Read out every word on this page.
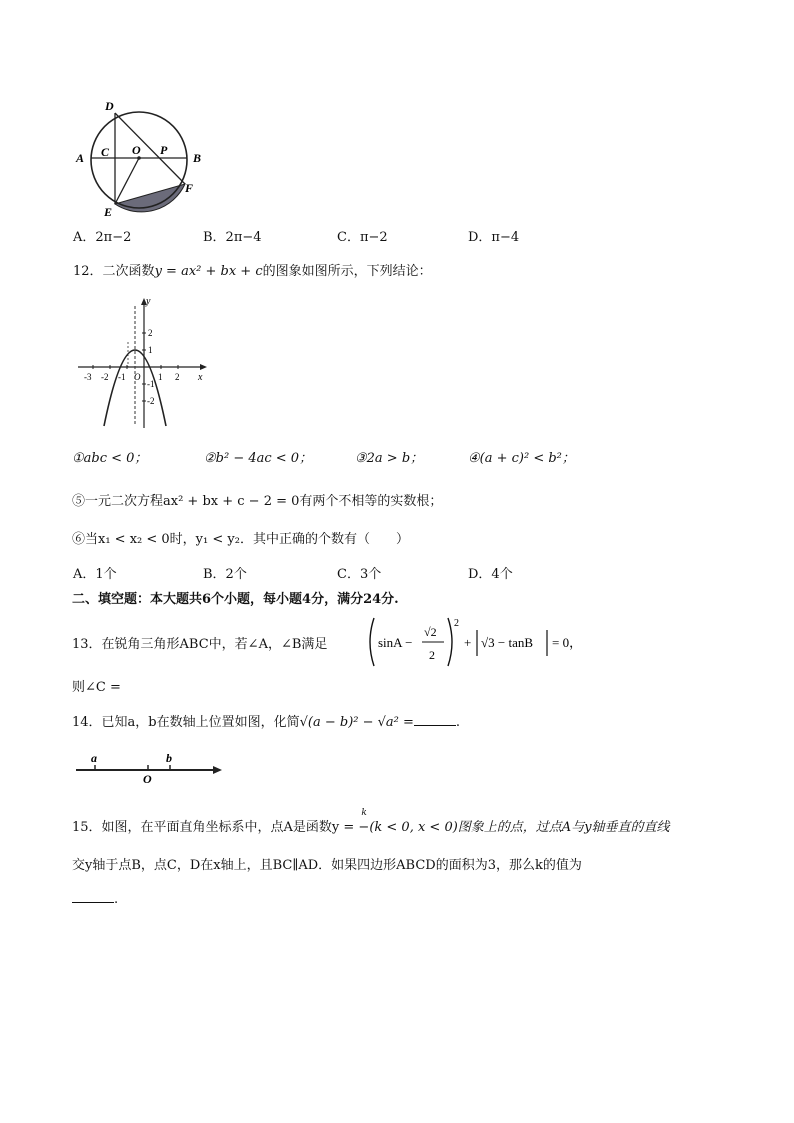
D
A C O P
B
F
E
A．2π−2	B．2π−4	C．π−2	D．π−4
12．二次函数y = ax² + bx + c的图象如图所示，下列结论：
x
y
-3 -2 -1 O 1 2
2
1
-1
-2
①abc < 0；	②b² − 4ac < 0；	③2a > b；	④(a + c)² < b²；
⑤一元二次方程ax² + bx + c − 2 = 0有两个不相等的实数根；
⑥当x₁ < x₂ < 0时，y₁ < y₂．其中正确的个数有（　　）
A．1个	B．2个	C．3个	D．4个
二、填空题：本大题共6个小题，每小题4分，满分24分.
13．在锐角三角形ABC中，若∠A，∠B满足	sinA −
√2
2
2
+ √3 − tanB = 0，
则∠C =
14．已知a，b在数轴上位置如图，化简√(a − b)² − √a² =	.
a
O
b
15．如图，在平面直角坐标系中，点A是函数y = −
k
(k < 0, x < 0)图象上的点，过点A与y轴垂直的直线
交y轴于点B，点C，D在x轴上，且BC∥AD．如果四边形ABCD的面积为3，那么k的值为
.
